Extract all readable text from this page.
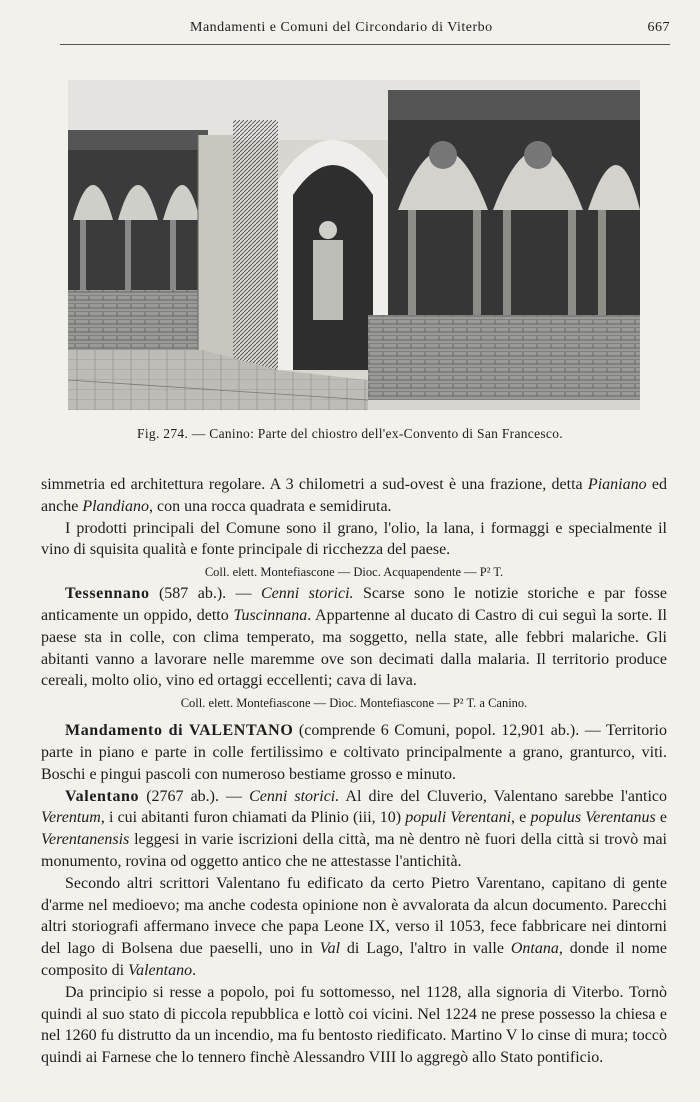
Mandamenti e Comuni del Circondario di Viterbo	667
Fig. 274. — Canino: Parte del chiostro dell'ex-Convento di San Francesco.

simmetria ed architettura regolare. A 3 chilometri a sud-ovest è una frazione, detta Pianiano ed anche Plandiano, con una rocca quadrata e semidiruta.

I prodotti principali del Comune sono il grano, l'olio, la lana, i formaggi e specialmente il vino di squisita qualità e fonte principale di ricchezza del paese.

Coll. elett. Montefiascone — Dioc. Acquapendente — P² T.

Tessennano (587 ab.). — Cenni storici. Scarse sono le notizie storiche e par fosse anticamente un oppido, detto Tuscinnana. Appartenne al ducato di Castro di cui seguì la sorte. Il paese sta in colle, con clima temperato, ma soggetto, nella state, alle febbri malariche. Gli abitanti vanno a lavorare nelle maremme ove son decimati dalla malaria. Il territorio produce cereali, molto olio, vino ed ortaggi eccellenti; cava di lava.

Coll. elett. Montefiascone — Dioc. Montefiascone — P² T. a Canino.

Mandamento di VALENTANO (comprende 6 Comuni, popol. 12,901 ab.). — Territorio parte in piano e parte in colle fertilissimo e coltivato principalmente a grano, granturco, viti. Boschi e pingui pascoli con numeroso bestiame grosso e minuto.

Valentano (2767 ab.). — Cenni storici. Al dire del Cluverio, Valentano sarebbe l'antico Verentum, i cui abitanti furon chiamati da Plinio (iii, 10) populi Verentani, e populus Verentanus e Verentanensis leggesi in varie iscrizioni della città, ma nè dentro nè fuori della città si trovò mai monumento, rovina od oggetto antico che ne attestasse l'antichità.

Secondo altri scrittori Valentano fu edificato da certo Pietro Varentano, capitano di gente d'arme nel medioevo; ma anche codesta opinione non è avvalorata da alcun documento. Parecchi altri storiografi affermano invece che papa Leone IX, verso il 1053, fece fabbricare nei dintorni del lago di Bolsena due paeselli, uno in Val di Lago, l'altro in valle Ontana, donde il nome composito di Valentano.

Da principio si resse a popolo, poi fu sottomesso, nel 1128, alla signoria di Viterbo. Tornò quindi al suo stato di piccola repubblica e lottò coi vicini. Nel 1224 ne prese possesso la chiesa e nel 1260 fu distrutto da un incendio, ma fu bentosto riedificato. Martino V lo cinse di mura; toccò quindi ai Farnese che lo tennero finchè Alessandro VIII lo aggregò allo Stato pontificio.
